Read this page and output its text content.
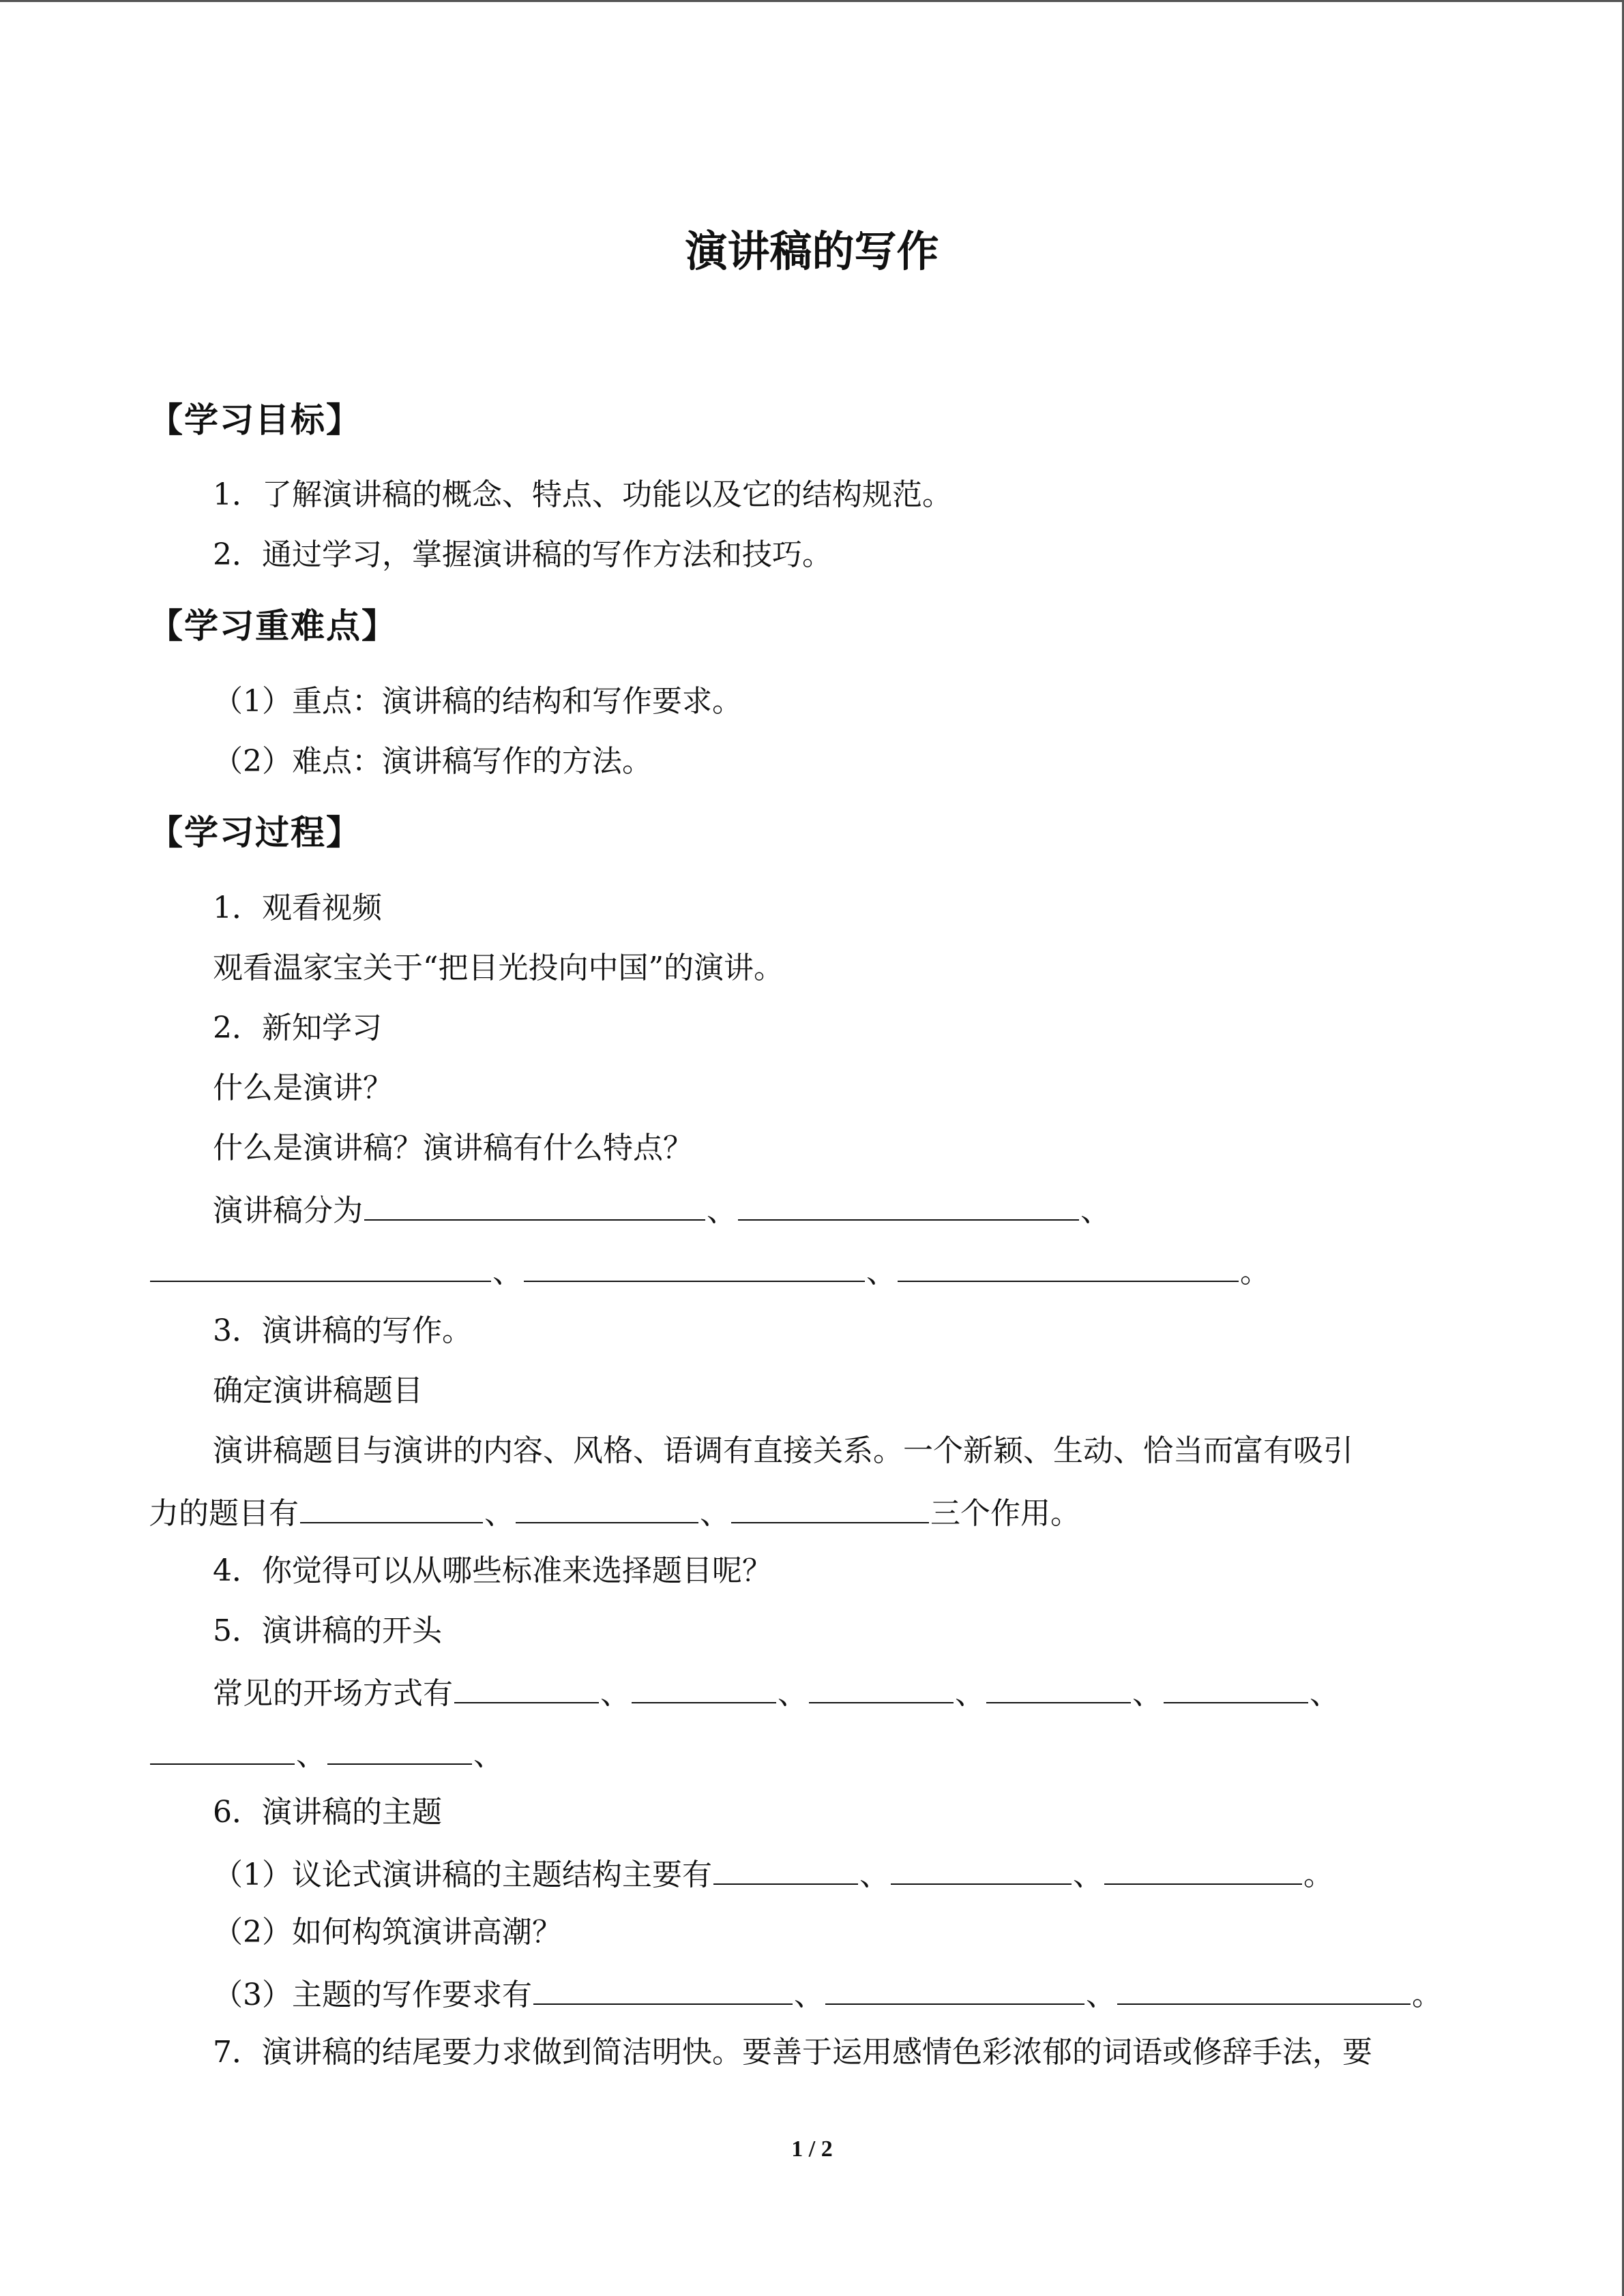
演讲稿的写作
【学习目标】
1．了解演讲稿的概念、特点、功能以及它的结构规范。
2．通过学习，掌握演讲稿的写作方法和技巧。
【学习重难点】
（1）重点：演讲稿的结构和写作要求。
（2）难点：演讲稿写作的方法。
【学习过程】
1．观看视频
观看温家宝关于“把目光投向中国”的演讲。
2．新知学习
什么是演讲？
什么是演讲稿？演讲稿有什么特点？
演讲稿分为	、	、
、	、	。
3．演讲稿的写作。
确定演讲稿题目
演讲稿题目与演讲的内容、风格、语调有直接关系。一个新颖、生动、恰当而富有吸引
力的题目有	、	、	三个作用。
4．你觉得可以从哪些标准来选择题目呢？
5．演讲稿的开头
常见的开场方式有	、	、	、	、	、
、	、
6．演讲稿的主题
（1）议论式演讲稿的主题结构主要有	、	、	。
（2）如何构筑演讲高潮？
（3）主题的写作要求有	、	、	。
7．演讲稿的结尾要力求做到简洁明快。要善于运用感情色彩浓郁的词语或修辞手法，要
1 / 2
